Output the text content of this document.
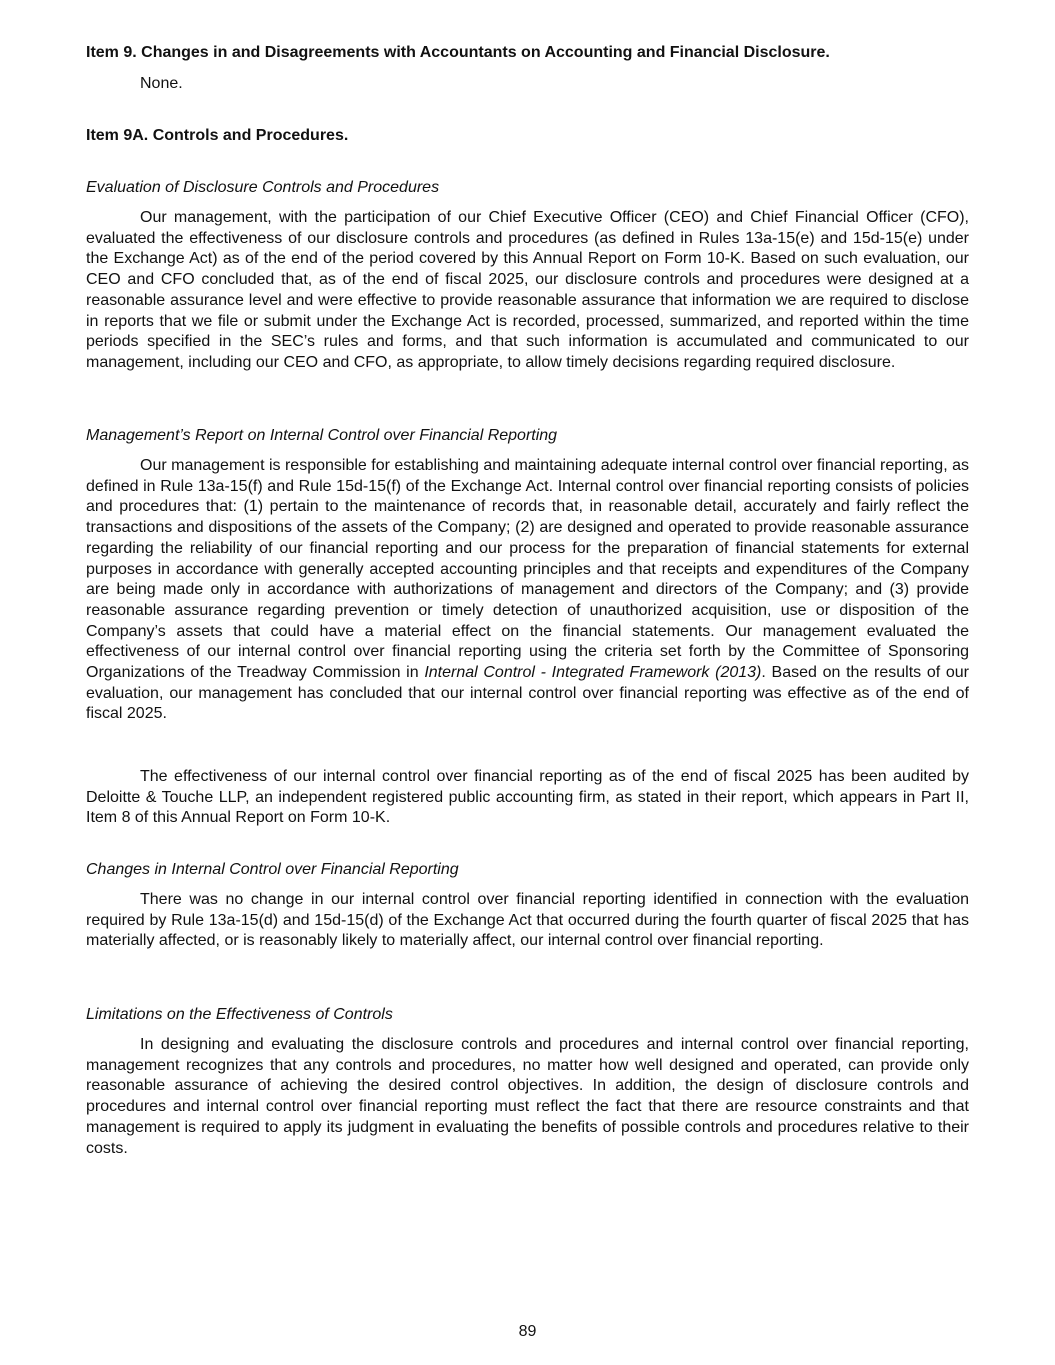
Item 9. Changes in and Disagreements with Accountants on Accounting and Financial Disclosure.
None.
Item 9A. Controls and Procedures.
Evaluation of Disclosure Controls and Procedures

Our management, with the participation of our Chief Executive Officer (CEO) and Chief Financial Officer (CFO), evaluated the effectiveness of our disclosure controls and procedures (as defined in Rules 13a-15(e) and 15d-15(e) under the Exchange Act) as of the end of the period covered by this Annual Report on Form 10-K. Based on such evaluation, our CEO and CFO concluded that, as of the end of fiscal 2025, our disclosure controls and procedures were designed at a reasonable assurance level and were effective to provide reasonable assurance that information we are required to disclose in reports that we file or submit under the Exchange Act is recorded, processed, summarized, and reported within the time periods specified in the SEC’s rules and forms, and that such information is accumulated and communicated to our management, including our CEO and CFO, as appropriate, to allow timely decisions regarding required disclosure.

Management’s Report on Internal Control over Financial Reporting

Our management is responsible for establishing and maintaining adequate internal control over financial reporting, as defined in Rule 13a-15(f) and Rule 15d-15(f) of the Exchange Act. Internal control over financial reporting consists of policies and procedures that: (1) pertain to the maintenance of records that, in reasonable detail, accurately and fairly reflect the transactions and dispositions of the assets of the Company; (2) are designed and operated to provide reasonable assurance regarding the reliability of our financial reporting and our process for the preparation of financial statements for external purposes in accordance with generally accepted accounting principles and that receipts and expenditures of the Company are being made only in accordance with authorizations of management and directors of the Company; and (3) provide reasonable assurance regarding prevention or timely detection of unauthorized acquisition, use or disposition of the Company’s assets that could have a material effect on the financial statements. Our management evaluated the effectiveness of our internal control over financial reporting using the criteria set forth by the Committee of Sponsoring Organizations of the Treadway Commission in Internal Control - Integrated Framework (2013). Based on the results of our evaluation, our management has concluded that our internal control over financial reporting was effective as of the end of fiscal 2025.

The effectiveness of our internal control over financial reporting as of the end of fiscal 2025 has been audited by Deloitte & Touche LLP, an independent registered public accounting firm, as stated in their report, which appears in Part II, Item 8 of this Annual Report on Form 10-K.

Changes in Internal Control over Financial Reporting

There was no change in our internal control over financial reporting identified in connection with the evaluation required by Rule 13a-15(d) and 15d-15(d) of the Exchange Act that occurred during the fourth quarter of fiscal 2025 that has materially affected, or is reasonably likely to materially affect, our internal control over financial reporting.

Limitations on the Effectiveness of Controls

In designing and evaluating the disclosure controls and procedures and internal control over financial reporting, management recognizes that any controls and procedures, no matter how well designed and operated, can provide only reasonable assurance of achieving the desired control objectives. In addition, the design of disclosure controls and procedures and internal control over financial reporting must reflect the fact that there are resource constraints and that management is required to apply its judgment in evaluating the benefits of possible controls and procedures relative to their costs.

89
